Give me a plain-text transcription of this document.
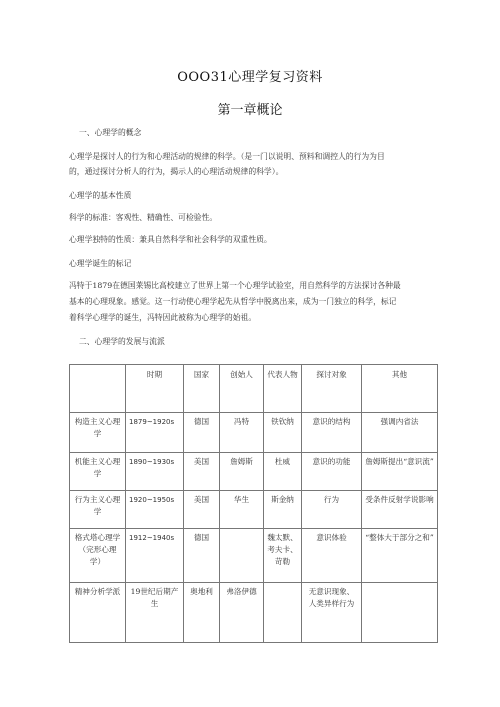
OOO31心理学复习资料
第一章概论
一、心理学的概念
心理学是探讨人的行为和心理活动的规律的科学。（是一门以说明、预料和调控人的行为为目
的，通过探讨分析人的行为，揭示人的心理活动规律的科学）。
心理学的基本性质
科学的标准：客观性、精确性、可检验性。
心理学独特的性质：兼具自然科学和社会科学的双重性质。
心理学诞生的标记
冯特于1879在德国莱锡比高校建立了世界上第一个心理学试验室，用自然科学的方法探讨各种最
基本的心理现象。感觉。这一行动使心理学起先从哲学中脱离出来，成为一门独立的科学，标记
着科学心理学的诞生，冯特因此被称为心理学的始祖。
二、心理学的发展与流派
	时期	国家	创始人	代表人物	探讨对象	其他
构造主义心理学	1879~1920s	德国	冯特	铁钦纳	意识的结构	强调内省法
机能主义心理学	1890~1930s	美国	詹姆斯	杜威	意识的功能	詹姆斯提出“意识流”
行为主义心理学	1920~1950s	美国	华生	斯金纳	行为	受条件反射学说影响
格式塔心理学（完形心理学）	1912~1940s	德国		魏太默、考夫卡、苛勒	意识体验	“整体大于部分之和”
精神分析学派	19世纪后期产生	奥地利	弗洛伊德		无意识现象、人类异样行为	
